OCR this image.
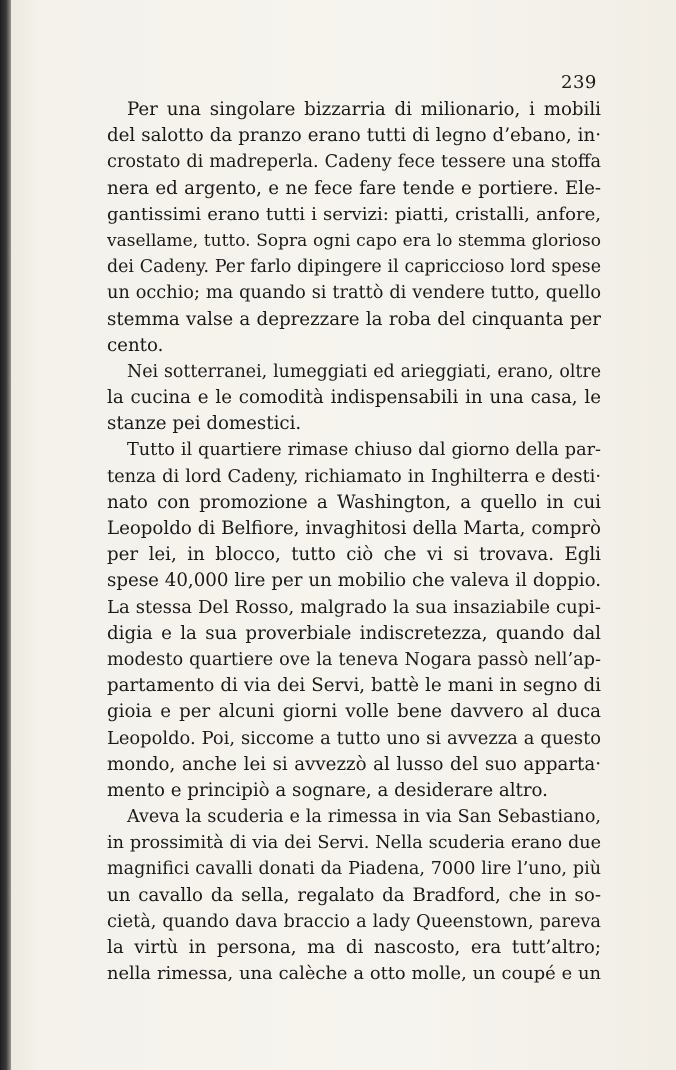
239
Per una singolare bizzarria di milionario, i mobili
del salotto da pranzo erano tutti di legno d’ebano, in·
crostato di madreperla. Cadeny fece tessere una stoffa
nera ed argento, e ne fece fare tende e portiere. Ele-
gantissimi erano tutti i servizi: piatti, cristalli, anfore,
vasellame, tutto. Sopra ogni capo era lo stemma glorioso
dei Cadeny. Per farlo dipingere il capriccioso lord spese
un occhio; ma quando si trattò di vendere tutto, quello
stemma valse a deprezzare la roba del cinquanta per
cento.
Nei sotterranei, lumeggiati ed arieggiati, erano, oltre
la cucina e le comodità indispensabili in una casa, le
stanze pei domestici.
Tutto il quartiere rimase chiuso dal giorno della par-
tenza di lord Cadeny, richiamato in Inghilterra e desti·
nato con promozione a Washington, a quello in cui
Leopoldo di Belfiore, invaghitosi della Marta, comprò
per lei, in blocco, tutto ciò che vi si trovava. Egli
spese 40,000 lire per un mobilio che valeva il doppio.
La stessa Del Rosso, malgrado la sua insaziabile cupi-
digia e la sua proverbiale indiscretezza, quando dal
modesto quartiere ove la teneva Nogara passò nell’ap-
partamento di via dei Servi, battè le mani in segno di
gioia e per alcuni giorni volle bene davvero al duca
Leopoldo. Poi, siccome a tutto uno si avvezza a questo
mondo, anche lei si avvezzò al lusso del suo apparta·
mento e principiò a sognare, a desiderare altro.
Aveva la scuderia e la rimessa in via San Sebastiano,
in prossimità di via dei Servi. Nella scuderia erano due
magnifici cavalli donati da Piadena, 7000 lire l’uno, più
un cavallo da sella, regalato da Bradford, che in so-
cietà, quando dava braccio a lady Queenstown, pareva
la virtù in persona, ma di nascosto, era tutt’altro;
nella rimessa, una calèche a otto molle, un coupé e un
